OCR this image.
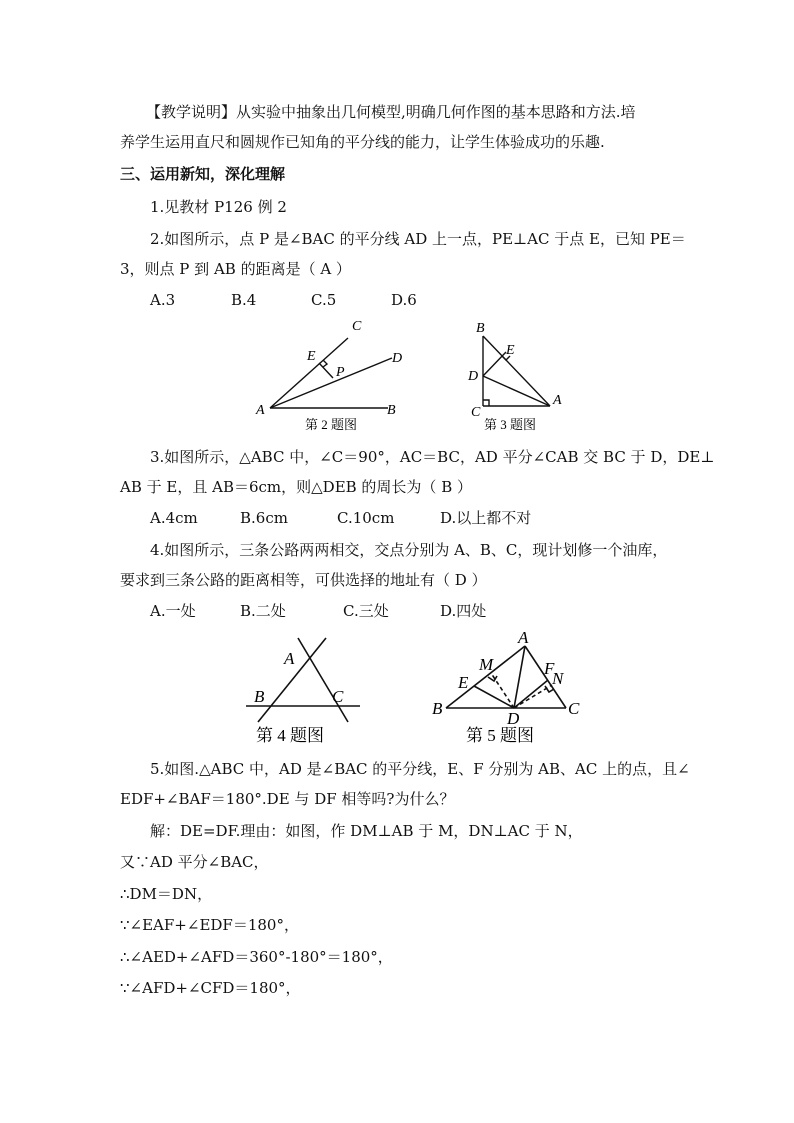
【教学说明】从实验中抽象出几何模型,明确几何作图的基本思路和方法.培
养学生运用直尺和圆规作已知角的平分线的能力，让学生体验成功的乐趣.
三、运用新知，深化理解
1.见教材 P126 例 2
2.如图所示，点 P 是∠BAC 的平分线 AD 上一点，PE⊥AC 于点 E，已知 PE＝
3，则点 P 到 AB 的距离是（ A ）
A.3	B.4	C.5	D.6
A	B
C
D
E
P
第 2 题图
B
E
D
C
A
第 3 题图
3.如图所示，△ABC 中，∠C＝90°，AC＝BC，AD 平分∠CAB 交 BC 于 D，DE⊥
AB 于 E，且 AB＝6cm，则△DEB 的周长为（ B ）
A.4cm	B.6cm	C.10cm	D.以上都不对
4.如图所示，三条公路两两相交，交点分别为 A、B、C，现计划修一个油库，
要求到三条公路的距离相等，可供选择的地址有（ D ）
A.一处	B.二处	C.三处	D.四处
A
B	C
第 4 题图
A
M	F
N
E
B
D
C
第 5 题图
5.如图.△ABC 中，AD 是∠BAC 的平分线，E、F 分别为 AB、AC 上的点，且∠
EDF+∠BAF＝180°.DE 与 DF 相等吗?为什么？
解：DE=DF.理由：如图，作 DM⊥AB 于 M，DN⊥AC 于 N，
又∵AD 平分∠BAC，
∴DM＝DN，
∵∠EAF+∠EDF＝180°，
∴∠AED+∠AFD＝360°-180°＝180°，
∵∠AFD+∠CFD＝180°，
